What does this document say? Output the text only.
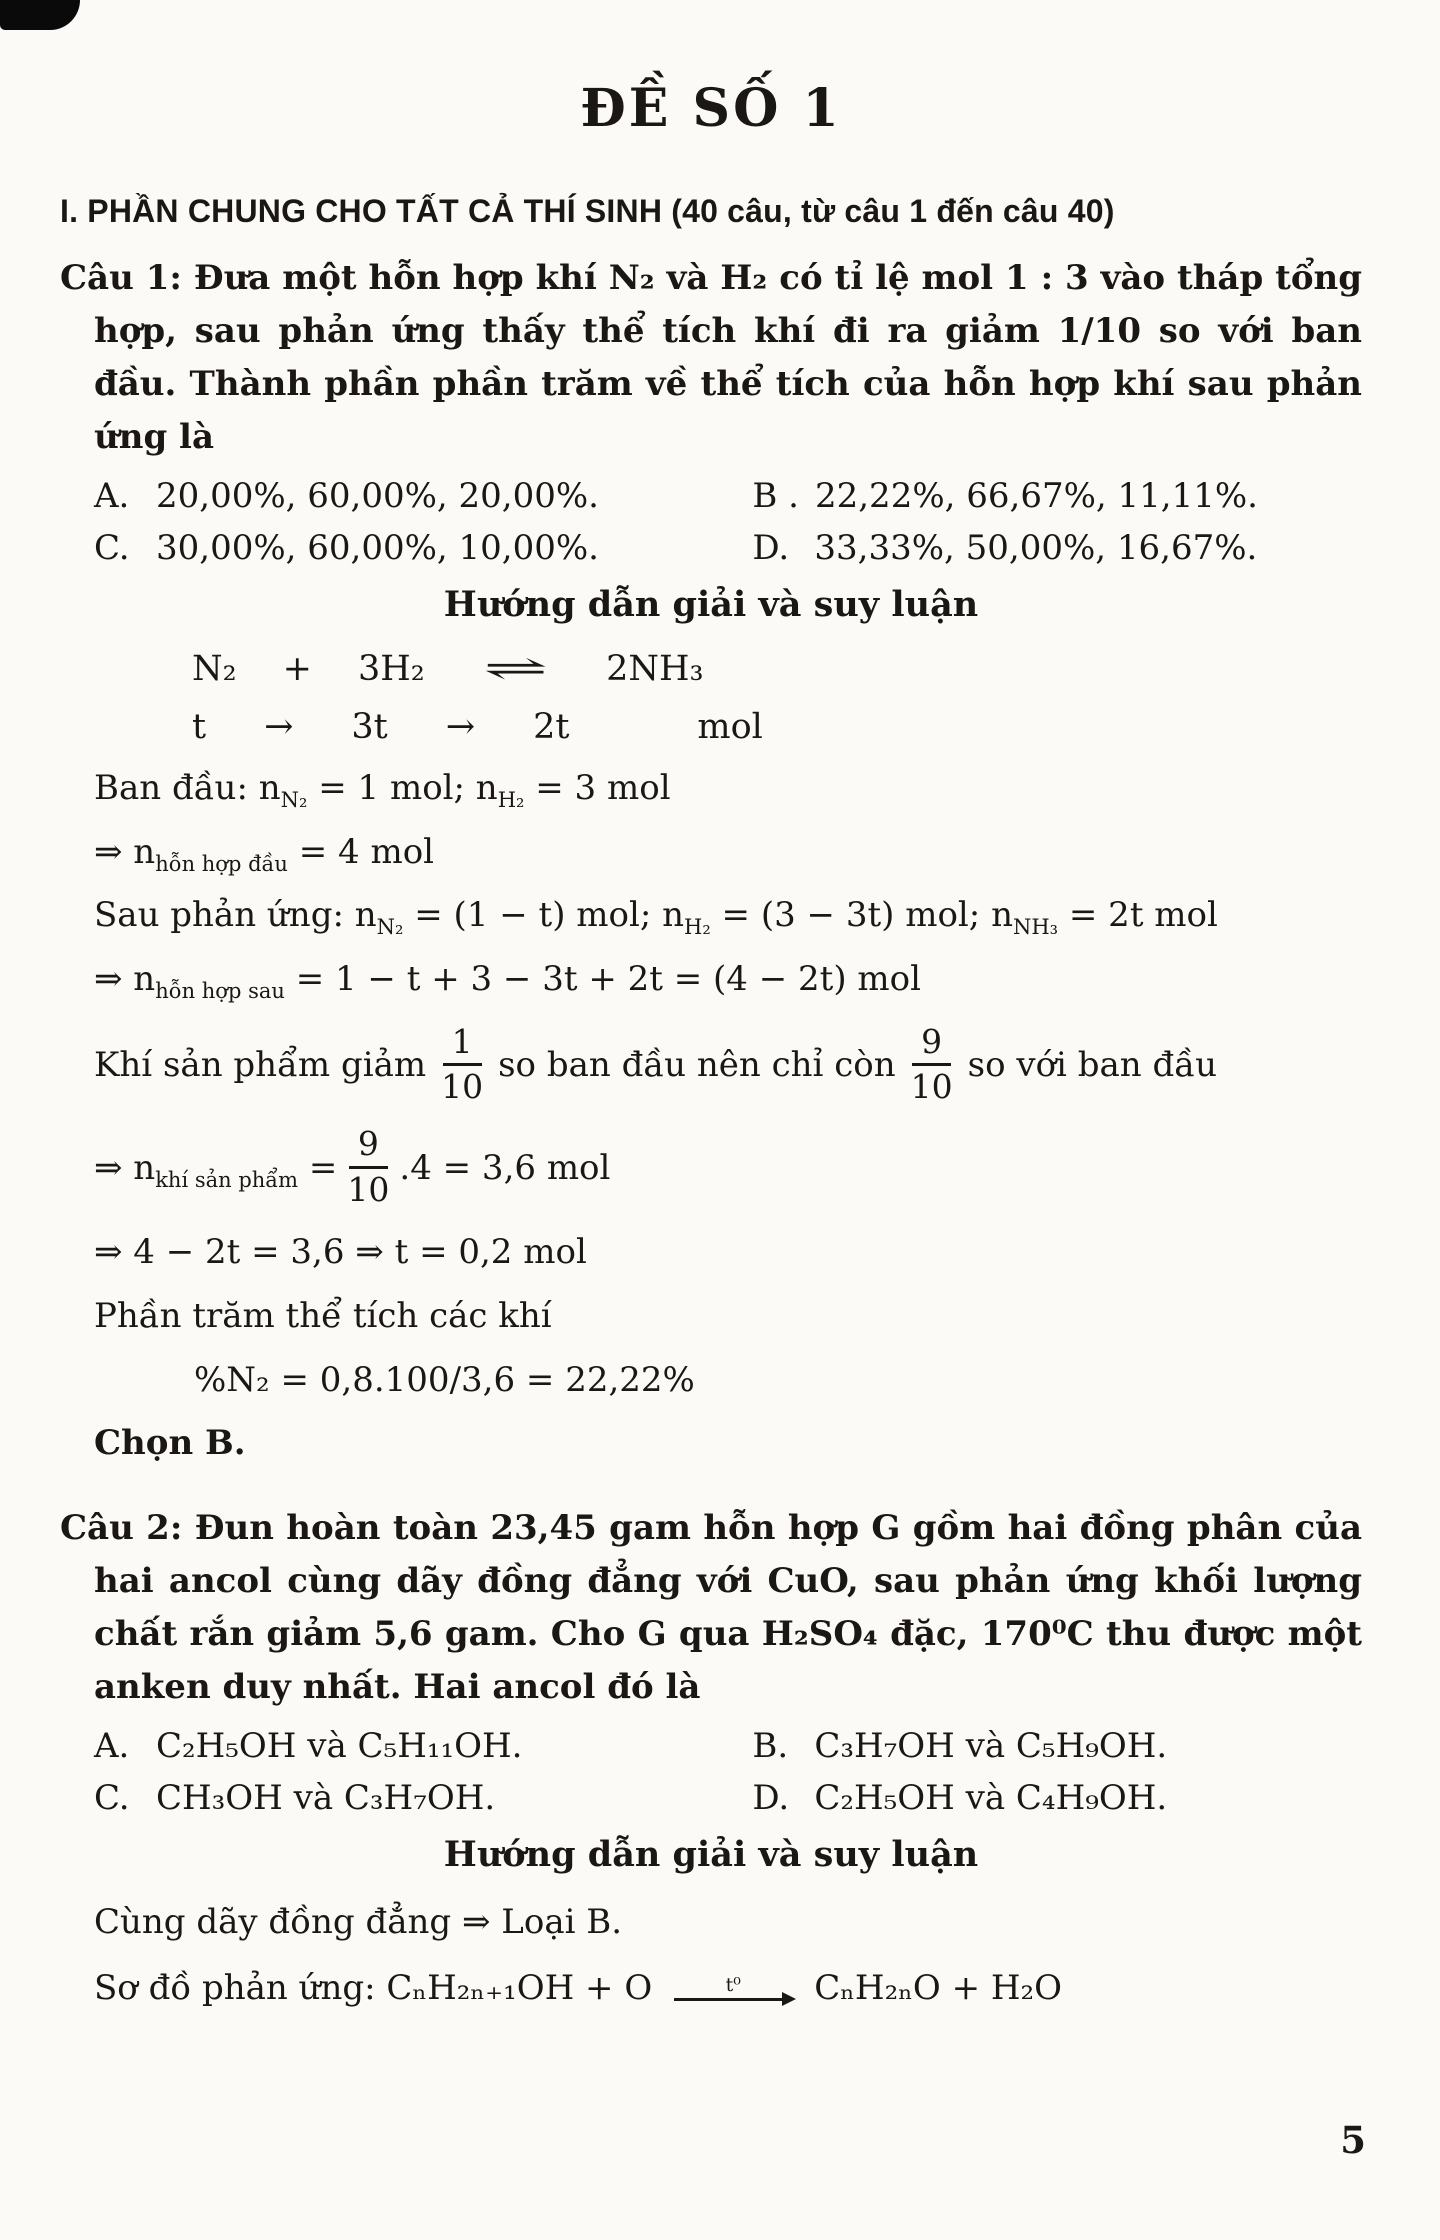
ĐỀ SỐ 1
I. PHẦN CHUNG CHO TẤT CẢ THÍ SINH (40 câu, từ câu 1 đến câu 40)

Câu 1: Đưa một hỗn hợp khí N₂ và H₂ có tỉ lệ mol 1 : 3 vào tháp tổng hợp, sau phản ứng thấy thể tích khí đi ra giảm 1/10 so với ban đầu. Thành phần phần trăm về thể tích của hỗn hợp khí sau phản ứng là

A. 20,00%, 60,00%, 20,00%.	B . 22,22%, 66,67%, 11,11%.
C. 30,00%, 60,00%, 10,00%.	D. 33,33%, 50,00%, 16,67%.
Hướng dẫn giải và suy luận
N₂ + 3H₂ ⇌ 2NH₃
t → 3t → 2t	mol
Ban đầu: $n_{N_2} = 1$ mol; $n_{H_2} = 3$ mol
⇒ $n_{hỗn hợp đầu} = 4$ mol
Sau phản ứng: $n_{N_2} = (1 - t)$ mol; $n_{H_2} = (3 - 3t)$ mol; $n_{NH_3} = 2t$ mol
⇒ $n_{hỗn hợp sau} = 1 - t + 3 - 3t + 2t = (4 - 2t)$ mol
Khí sản phẩm giảm $\frac{1}{10}$ so ban đầu nên chỉ còn $\frac{9}{10}$ so với ban đầu
⇒ $n_{khí sản phẩm} = \frac{9}{10} .4 = 3,6$ mol
⇒ 4 − 2t = 3,6 ⇒ t = 0,2 mol
Phần trăm thể tích các khí
%N₂ = 0,8.100/3,6 = 22,22%
Chọn B.

Câu 2: Đun hoàn toàn 23,45 gam hỗn hợp G gồm hai đồng phân của hai ancol cùng dãy đồng đẳng với CuO, sau phản ứng khối lượng chất rắn giảm 5,6 gam. Cho G qua H₂SO₄ đặc, 170⁰C thu được một anken duy nhất. Hai ancol đó là

A. C₂H₅OH và C₅H₁₁OH.	B. C₃H₇OH và C₅H₉OH.
C. CH₃OH và C₃H₇OH.	D. C₂H₅OH và C₄H₉OH.
Hướng dẫn giải và suy luận
Cùng dãy đồng đẳng ⇒ Loại B.
Sơ đồ phản ứng: CₙH₂ₙ₊₁OH + O	t⁰ CₙH₂ₙO + H₂O
5
